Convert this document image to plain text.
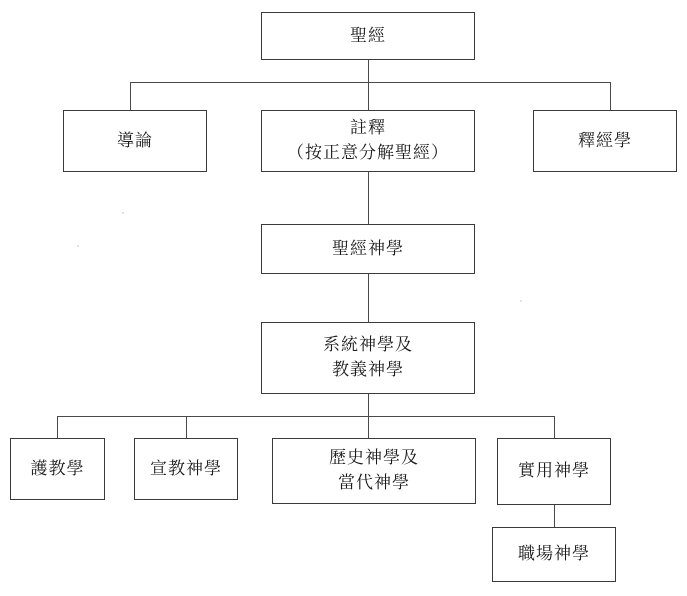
聖經
導論
註釋
（按正意分解聖經）
釋經學
聖經神學
系統神學及
教義神學
護教學	宣教神學
歷史神學及
當代神學
實用神學
職場神學
